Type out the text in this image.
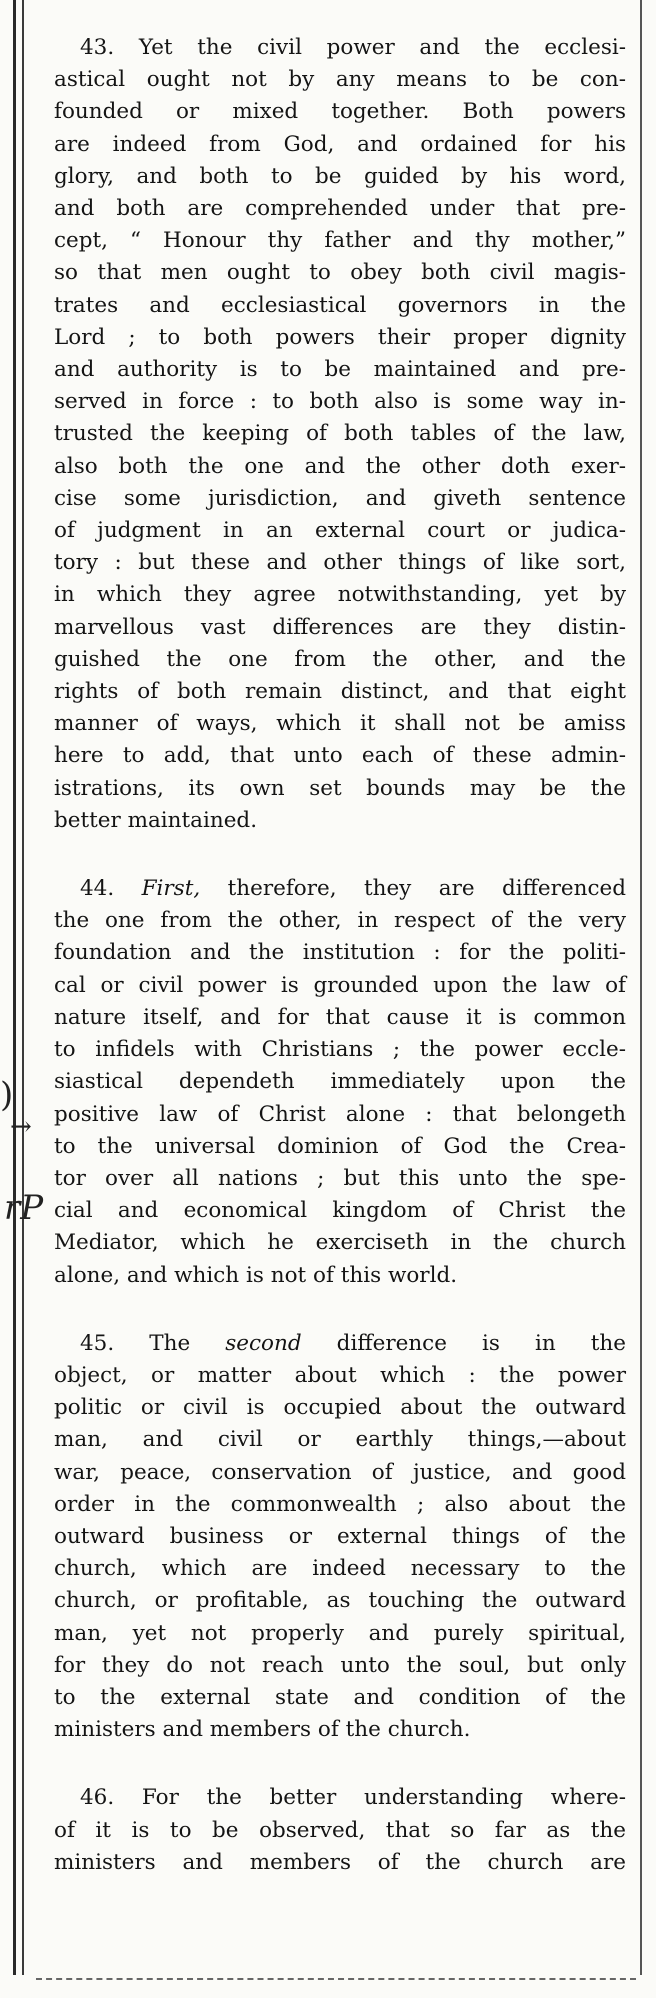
)
→
rP
43. Yet the civil power and the ecclesi-
astical ought not by any means to be con-
founded or mixed together. Both powers
are indeed from God, and ordained for his
glory, and both to be guided by his word,
and both are comprehended under that pre-
cept, “ Honour thy father and thy mother,”
so that men ought to obey both civil magis-
trates and ecclesiastical governors in the
Lord ; to both powers their proper dignity
and authority is to be maintained and pre-
served in force : to both also is some way in-
trusted the keeping of both tables of the law,
also both the one and the other doth exer-
cise some jurisdiction, and giveth sentence
of judgment in an external court or judica-
tory : but these and other things of like sort,
in which they agree notwithstanding, yet by
marvellous vast differences are they distin-
guished the one from the other, and the
rights of both remain distinct, and that eight
manner of ways, which it shall not be amiss
here to add, that unto each of these admin-
istrations, its own set bounds may be the
better maintained.
44. First, therefore, they are differenced
the one from the other, in respect of the very
foundation and the institution : for the politi-
cal or civil power is grounded upon the law of
nature itself, and for that cause it is common
to infidels with Christians ; the power eccle-
siastical dependeth immediately upon the
positive law of Christ alone : that belongeth
to the universal dominion of God the Crea-
tor over all nations ; but this unto the spe-
cial and economical kingdom of Christ the
Mediator, which he exerciseth in the church
alone, and which is not of this world.
45. The second difference is in the
object, or matter about which : the power
politic or civil is occupied about the outward
man, and civil or earthly things,—about
war, peace, conservation of justice, and good
order in the commonwealth ; also about the
outward business or external things of the
church, which are indeed necessary to the
church, or profitable, as touching the outward
man, yet not properly and purely spiritual,
for they do not reach unto the soul, but only
to the external state and condition of the
ministers and members of the church.
46. For the better understanding where-
of it is to be observed, that so far as the
ministers and members of the church are
